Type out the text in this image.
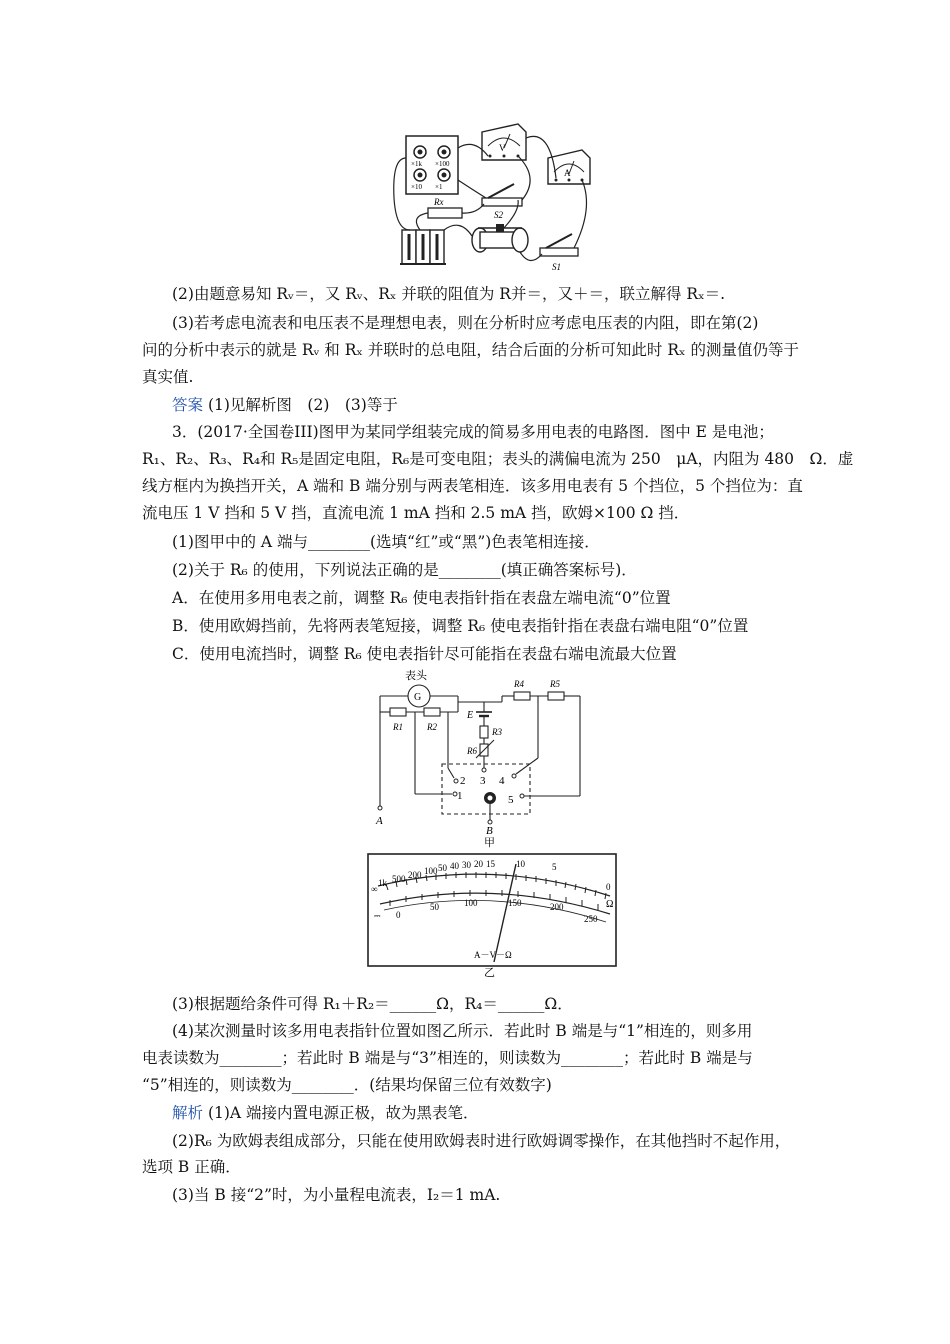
×1k ×100
×10 ×1
V
A
Rx
S2
S1
(2)由题意易知 Rᵥ＝，又 Rᵥ、Rₓ 并联的阻值为 R并＝，又＋＝，联立解得 Rₓ＝.
(3)若考虑电流表和电压表不是理想电表，则在分析时应考虑电压表的内阻，即在第(2)
问的分析中表示的就是 Rᵥ 和 Rₓ 并联时的总电阻，结合后面的分析可知此时 Rₓ 的测量值仍等于
真实值.
答案 (1)见解析图　(2)　(3)等于
3．(2017·全国卷III)图甲为某同学组装完成的简易多用电表的电路图．图中 E 是电池；
R₁、R₂、R₃、R₄和 R₅是固定电阻，R₆是可变电阻；表头的满偏电流为 250　μA，内阻为 480　Ω．虚
线方框内为换挡开关，A 端和 B 端分别与两表笔相连．该多用电表有 5 个挡位，5 个挡位为：直
流电压 1 V 挡和 5 V 挡，直流电流 1 mA 挡和 2.5 mA 挡，欧姆×100 Ω 挡．
(1)图甲中的 A 端与________(选填“红”或“黑”)色表笔相连接．
(2)关于 R₆ 的使用，下列说法正确的是________(填正确答案标号)．
A．在使用多用电表之前，调整 R₆ 使电表指针指在表盘左端电流“0”位置
B．使用欧姆挡前，先将两表笔短接，调整 R₆ 使电表指针指在表盘右端电阻“0”位置
C．使用电流挡时，调整 R₆ 使电表指针尽可能指在表盘右端电流最大位置
表头
G
R1	R2
E
R3
R6
R4	R5
1
2 3 4
5
A
B
甲
∞
1k 500 200 100 50 40 30 20 15 10	5
0
0
50	100	150	200
250
Ω
⎓
A－V－Ω
乙
(3)根据题给条件可得 R₁＋R₂＝______Ω，R₄＝______Ω．
(4)某次测量时该多用电表指针位置如图乙所示．若此时 B 端是与“1”相连的，则多用
电表读数为________；若此时 B 端是与“3”相连的，则读数为________；若此时 B 端是与
“5”相连的，则读数为________．(结果均保留三位有效数字)
解析 (1)A 端接内置电源正极，故为黑表笔．
(2)R₆ 为欧姆表组成部分，只能在使用欧姆表时进行欧姆调零操作，在其他挡时不起作用，
选项 B 正确．
(3)当 B 接“2”时，为小量程电流表，I₂＝1 mA.
